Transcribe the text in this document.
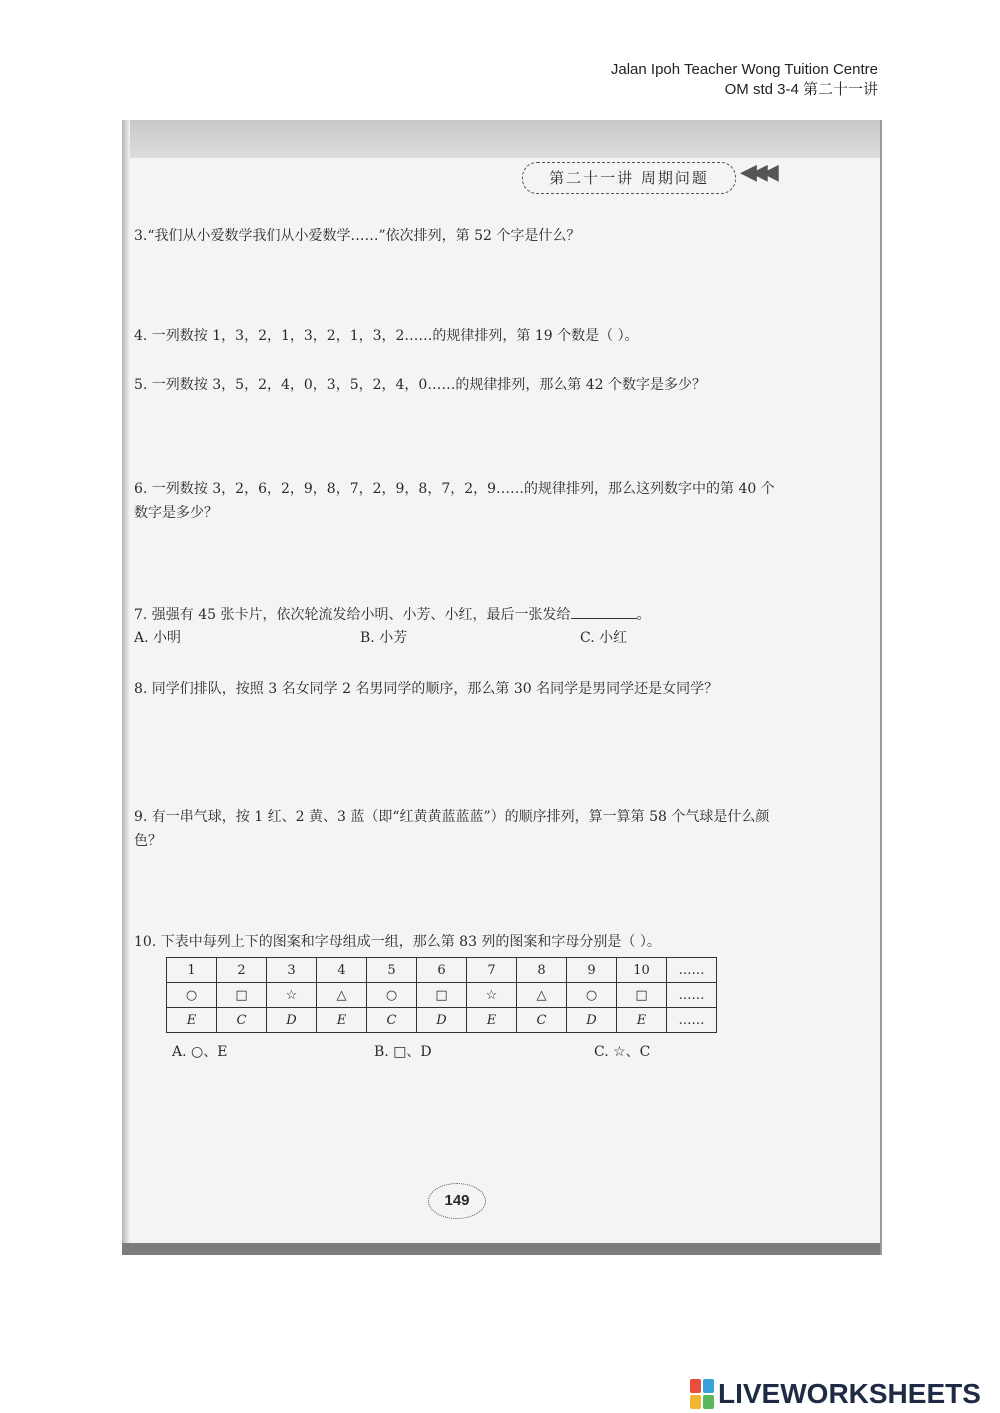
Jalan Ipoh Teacher Wong Tuition Centre
OM std 3-4 第二十一讲
第二十一讲 周期问题	◀◀◀
3.“我们从小爱数学我们从小爱数学……”依次排列，第 52 个字是什么？
4. 一列数按 1，3，2，1，3，2，1，3，2……的规律排列，第 19 个数是（ ）。
5. 一列数按 3，5，2，4，0，3，5，2，4，0……的规律排列，那么第 42 个数字是多少？
6. 一列数按 3，2，6，2，9，8，7，2，9，8，7，2，9……的规律排列，那么这列数字中的第 40 个数字是多少？
7. 强强有 45 张卡片，依次轮流发给小明、小芳、小红，最后一张发给	。
A. 小明	B. 小芳	C. 小红
8. 同学们排队，按照 3 名女同学 2 名男同学的顺序，那么第 30 名同学是男同学还是女同学？
9. 有一串气球，按 1 红、2 黄、3 蓝（即“红黄黄蓝蓝蓝”）的顺序排列，算一算第 58 个气球是什么颜色？
10. 下表中每列上下的图案和字母组成一组，那么第 83 列的图案和字母分别是（ ）。
1	2	3	4	5	6	7	8	9	10	……
○	□	☆	△	○	□	☆	△	○	□	……
E	C	D	E	C	D	E	C	D	E	……
A. ○、E	B. □、D	C. ☆、C
149
LIVEWORKSHEETS
